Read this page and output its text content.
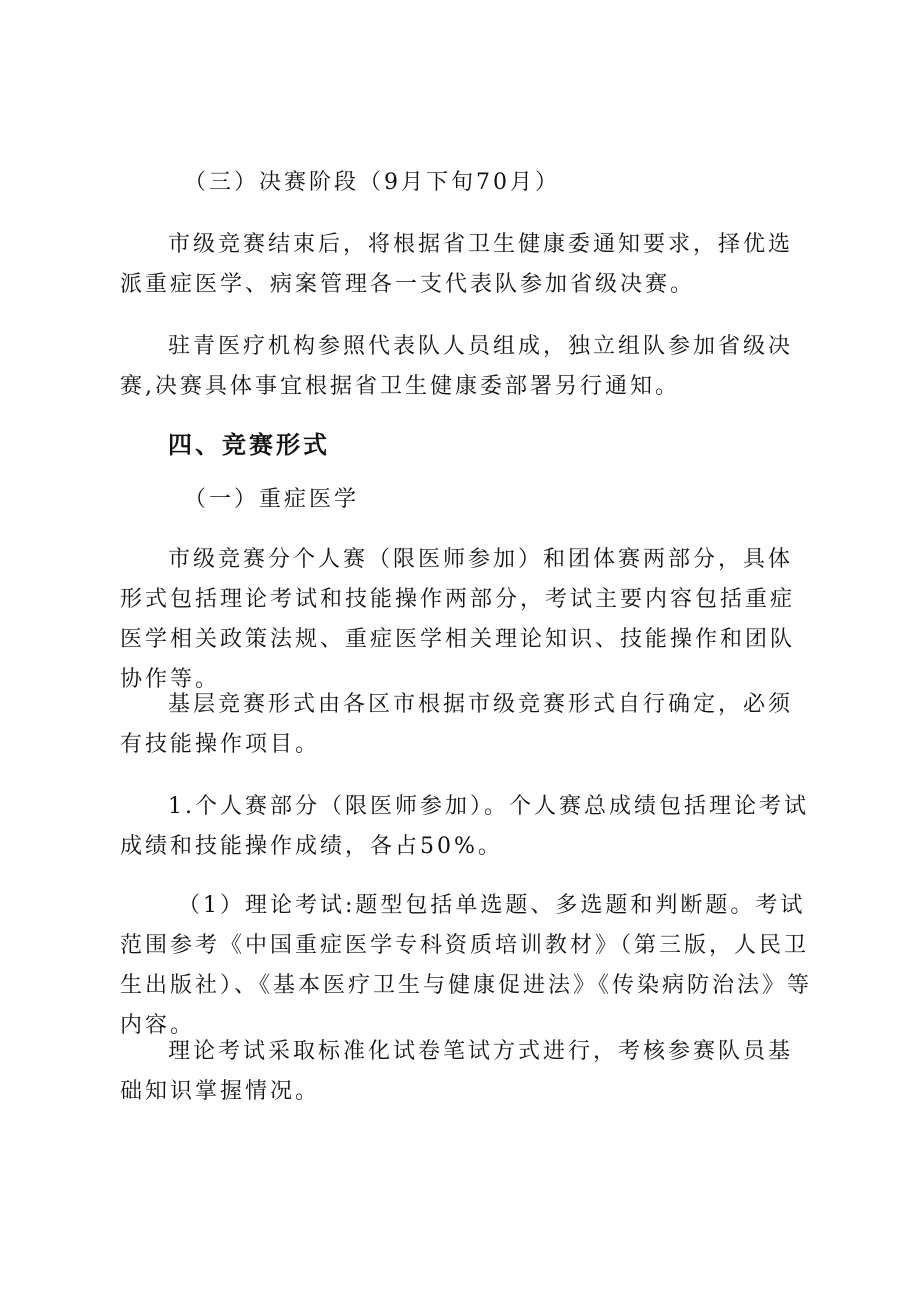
（三）决赛阶段（9月下旬70月）

市级竞赛结束后，将根据省卫生健康委通知要求，择优选派重症医学、病案管理各一支代表队参加省级决赛。

驻青医疗机构参照代表队人员组成，独立组队参加省级决赛,决赛具体事宜根据省卫生健康委部署另行通知。

四、竞赛形式

（一）重症医学

市级竞赛分个人赛（限医师参加）和团体赛两部分，具体形式包括理论考试和技能操作两部分，考试主要内容包括重症医学相关政策法规、重症医学相关理论知识、技能操作和团队协作等。

基层竞赛形式由各区市根据市级竞赛形式自行确定，必须有技能操作项目。

1.个人赛部分（限医师参加）。个人赛总成绩包括理论考试成绩和技能操作成绩，各占50%。

（1）理论考试:题型包括单选题、多选题和判断题。考试范围参考《中国重症医学专科资质培训教材》（第三版，人民卫生出版社）、《基本医疗卫生与健康促进法》《传染病防治法》等内容。

理论考试采取标准化试卷笔试方式进行，考核参赛队员基础知识掌握情况。
